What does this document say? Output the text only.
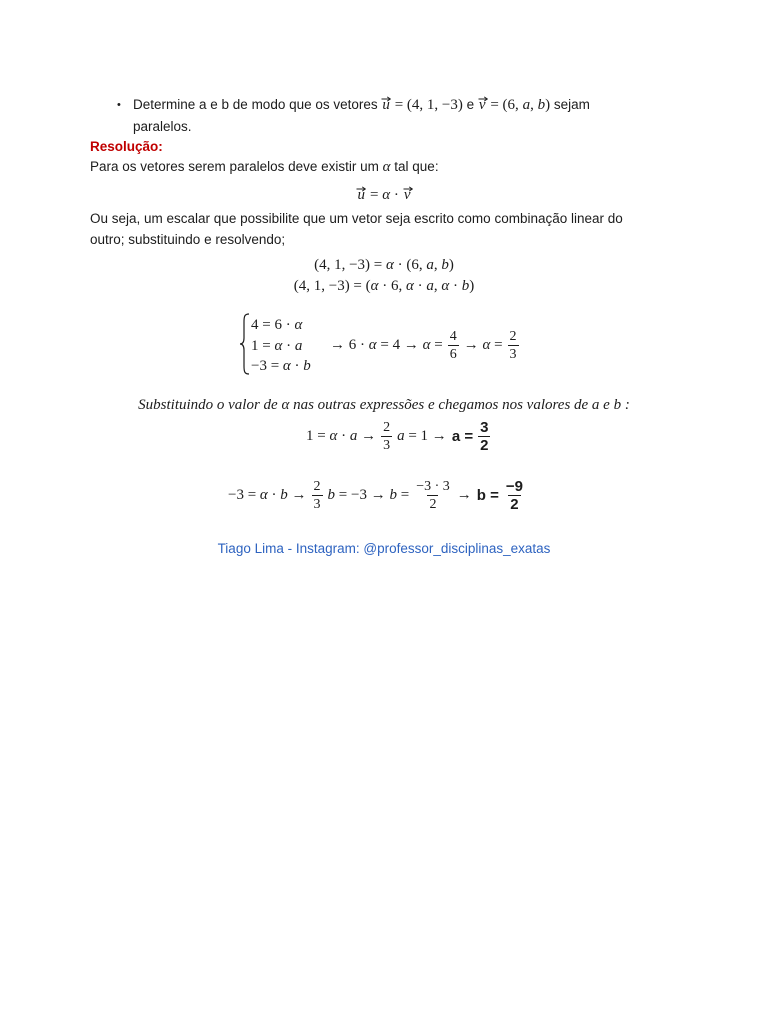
• Determine a e b de modo que os vetores u = (4, 1, −3) e v = (6, a, b) sejam
paralelos.
Resolução:
Para os vetores serem paralelos deve existir um α tal que:
u = α · v
Ou seja, um escalar que possibilite que um vetor seja escrito como combinação linear do
outro; substituindo e resolvendo;
(4, 1, −3) = α · (6, a, b)
(4, 1, −3) = (α · 6, α · a, α · b)
4 = 6 · α
1 = α · a
−3 = α · b
→ $6 \cdot \alpha = 4 \to \alpha = \frac{4}{6} \to \alpha = \frac{2}{3}$
Substituindo o valor de α nas outras expressões e chegamos nos valores de a e b :
$1 = \alpha \cdot a \to \frac{2}{3}$ $a = 1 \to a = \frac{3}{2}$
$-3 = \alpha \cdot b \to \frac{2}{3}$ $b = -3 \to b = \frac{-3 \cdot 3}{2} \to b = \frac{-9}{2}$
Tiago Lima - Instagram: @professor_disciplinas_exatas
